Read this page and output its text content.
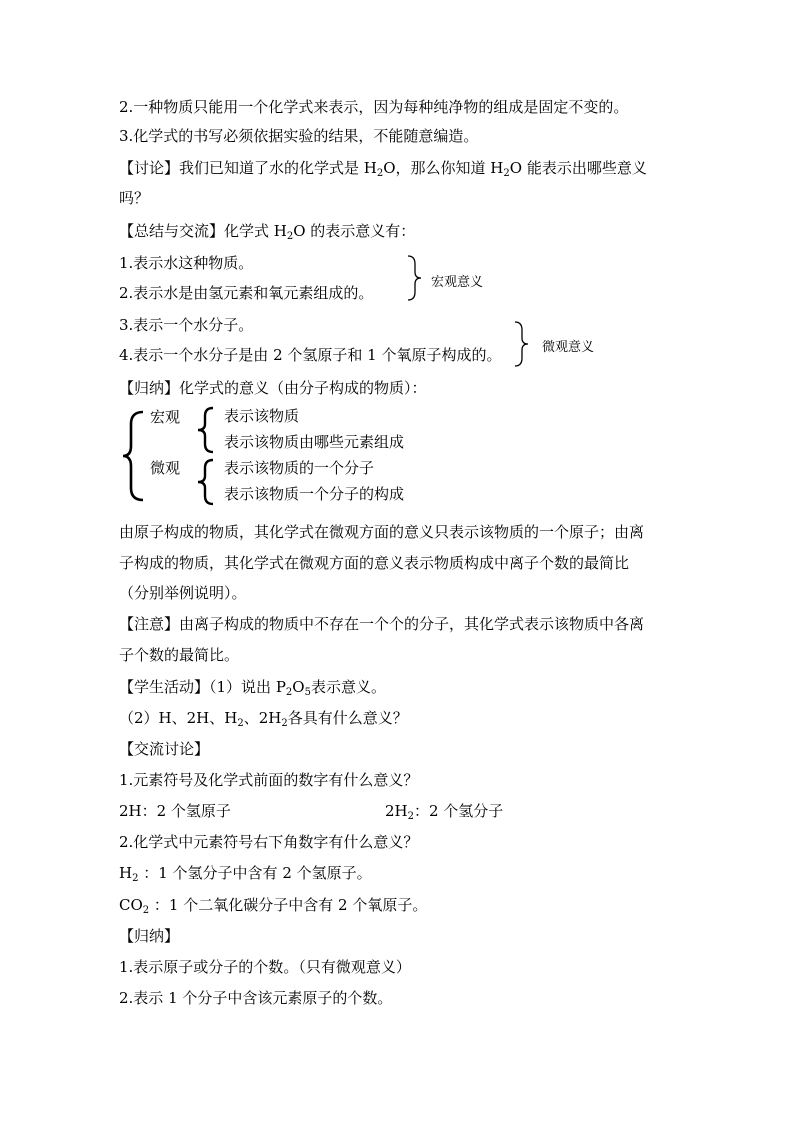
2.一种物质只能用一个化学式来表示，因为每种纯净物的组成是固定不变的。
3.化学式的书写必须依据实验的结果，不能随意编造。
【讨论】我们已知道了水的化学式是 $H_2O$，那么你知道 $H_2O$ 能表示出哪些意义
吗？
【总结与交流】化学式 $H_2O$ 的表示意义有：
1.表示水这种物质。
2.表示水是由氢元素和氧元素组成的。
宏观意义
3.表示一个水分子。
4.表示一个水分子是由 2 个氢原子和 1 个氧原子构成的。	微观意义
【归纳】化学式的意义（由分子构成的物质）：
宏观
微观
表示该物质
表示该物质由哪些元素组成
表示该物质的一个分子
表示该物质一个分子的构成
由原子构成的物质，其化学式在微观方面的意义只表示该物质的一个原子；由离
子构成的物质，其化学式在微观方面的意义表示物质构成中离子个数的最简比
（分别举例说明）。
【注意】由离子构成的物质中不存在一个个的分子，其化学式表示该物质中各离
子个数的最简比。
【学生活动】（1）说出 $P_2O_5$表示意义。
（2）H、2H、$H_2$、$2H_2$各具有什么意义？
【交流讨论】
1.元素符号及化学式前面的数字有什么意义？
2H：2 个氢原子	$2H_2$：2 个氢分子
2.化学式中元素符号右下角数字有什么意义？
$H_2$ ：1 个氢分子中含有 2 个氢原子。
$CO_2$ ：1 个二氧化碳分子中含有 2 个氧原子。
【归纳】
1.表示原子或分子的个数。（只有微观意义）
2.表示 1 个分子中含该元素原子的个数。
